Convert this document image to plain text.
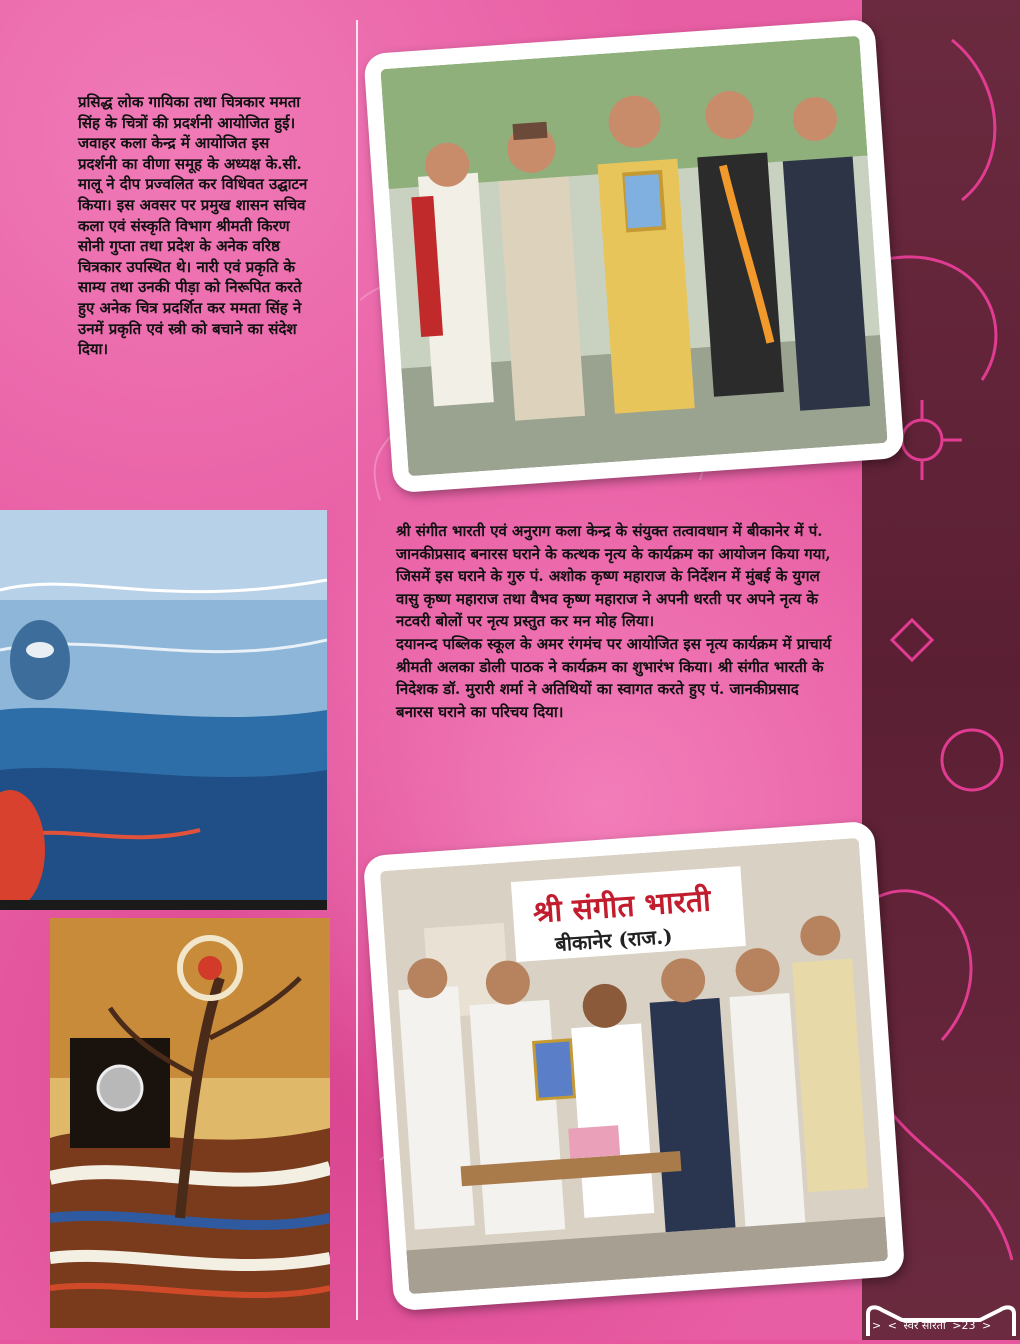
प्रसिद्ध लोक गायिका तथा चित्रकार ममता सिंह के चित्रों की प्रदर्शनी आयोजित हुई। जवाहर कला केन्द्र में आयोजित इस प्रदर्शनी का वीणा समूह के अध्यक्ष के.सी. मालू ने दीप प्रज्वलित कर विधिवत उद्घाटन किया। इस अवसर पर प्रमुख शासन सचिव कला एवं संस्कृति विभाग श्रीमती किरण सोनी गुप्ता तथा प्रदेश के अनेक वरिष्ठ चित्रकार उपस्थित थे। नारी एवं प्रकृति के साम्य तथा उनकी पीड़ा को निरूपित करते हुए अनेक चित्र प्रदर्शित कर ममता सिंह ने उनमें प्रकृति एवं स्त्री को बचाने का संदेश दिया।
श्री संगीत भारती एवं अनुराग कला केन्द्र के संयुक्त तत्वावधान में बीकानेर में पं. जानकीप्रसाद बनारस घराने के कत्थक नृत्य के कार्यक्रम का आयोजन किया गया, जिसमें इस घराने के गुरु पं. अशोक कृष्ण महाराज के निर्देशन में मुंबई के युगल वासु कृष्ण महाराज तथा वैभव कृष्ण महाराज ने अपनी धरती पर अपने नृत्य के नटवरी बोलों पर नृत्य प्रस्तुत कर मन मोह लिया।
दयानन्द पब्लिक स्कूल के अमर रंगमंच पर आयोजित इस नृत्य कार्यक्रम में प्राचार्य श्रीमती अलका डोली पाठक ने कार्यक्रम का शुभारंभ किया। श्री संगीत भारती के निदेशक डॉ. मुरारी शर्मा ने अतिथियों का स्वागत करते हुए पं. जानकीप्रसाद बनारस घराने का परिचय दिया।
श्री संगीत भारती
बीकानेर (राज.)
> < स्वर सरिता >23 >
